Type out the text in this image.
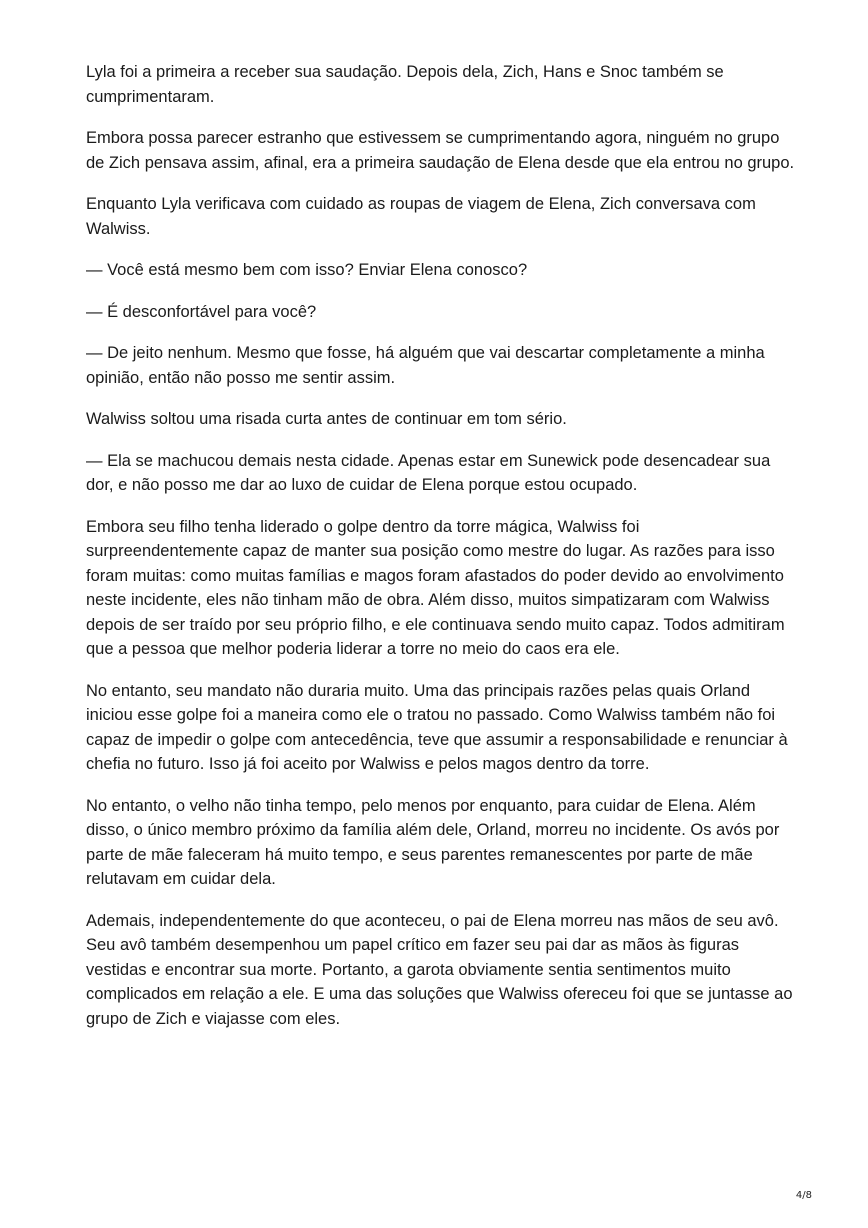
Lyla foi a primeira a receber sua saudação. Depois dela, Zich, Hans e Snoc também se cumprimentaram.

Embora possa parecer estranho que estivessem se cumprimentando agora, ninguém no grupo de Zich pensava assim, afinal, era a primeira saudação de Elena desde que ela entrou no grupo.

Enquanto Lyla verificava com cuidado as roupas de viagem de Elena, Zich conversava com Walwiss.

— Você está mesmo bem com isso? Enviar Elena conosco?

— É desconfortável para você?

— De jeito nenhum. Mesmo que fosse, há alguém que vai descartar completamente a minha opinião, então não posso me sentir assim.

Walwiss soltou uma risada curta antes de continuar em tom sério.

— Ela se machucou demais nesta cidade. Apenas estar em Sunewick pode desencadear sua dor, e não posso me dar ao luxo de cuidar de Elena porque estou ocupado.

Embora seu filho tenha liderado o golpe dentro da torre mágica, Walwiss foi surpreendentemente capaz de manter sua posição como mestre do lugar. As razões para isso foram muitas: como muitas famílias e magos foram afastados do poder devido ao envolvimento neste incidente, eles não tinham mão de obra. Além disso, muitos simpatizaram com Walwiss depois de ser traído por seu próprio filho, e ele continuava sendo muito capaz. Todos admitiram que a pessoa que melhor poderia liderar a torre no meio do caos era ele.

No entanto, seu mandato não duraria muito. Uma das principais razões pelas quais Orland iniciou esse golpe foi a maneira como ele o tratou no passado. Como Walwiss também não foi capaz de impedir o golpe com antecedência, teve que assumir a responsabilidade e renunciar à chefia no futuro. Isso já foi aceito por Walwiss e pelos magos dentro da torre.

No entanto, o velho não tinha tempo, pelo menos por enquanto, para cuidar de Elena. Além disso, o único membro próximo da família além dele, Orland, morreu no incidente. Os avós por parte de mãe faleceram há muito tempo, e seus parentes remanescentes por parte de mãe relutavam em cuidar dela.

Ademais, independentemente do que aconteceu, o pai de Elena morreu nas mãos de seu avô. Seu avô também desempenhou um papel crítico em fazer seu pai dar as mãos às figuras vestidas e encontrar sua morte. Portanto, a garota obviamente sentia sentimentos muito complicados em relação a ele. E uma das soluções que Walwiss ofereceu foi que se juntasse ao grupo de Zich e viajasse com eles.

4/8
